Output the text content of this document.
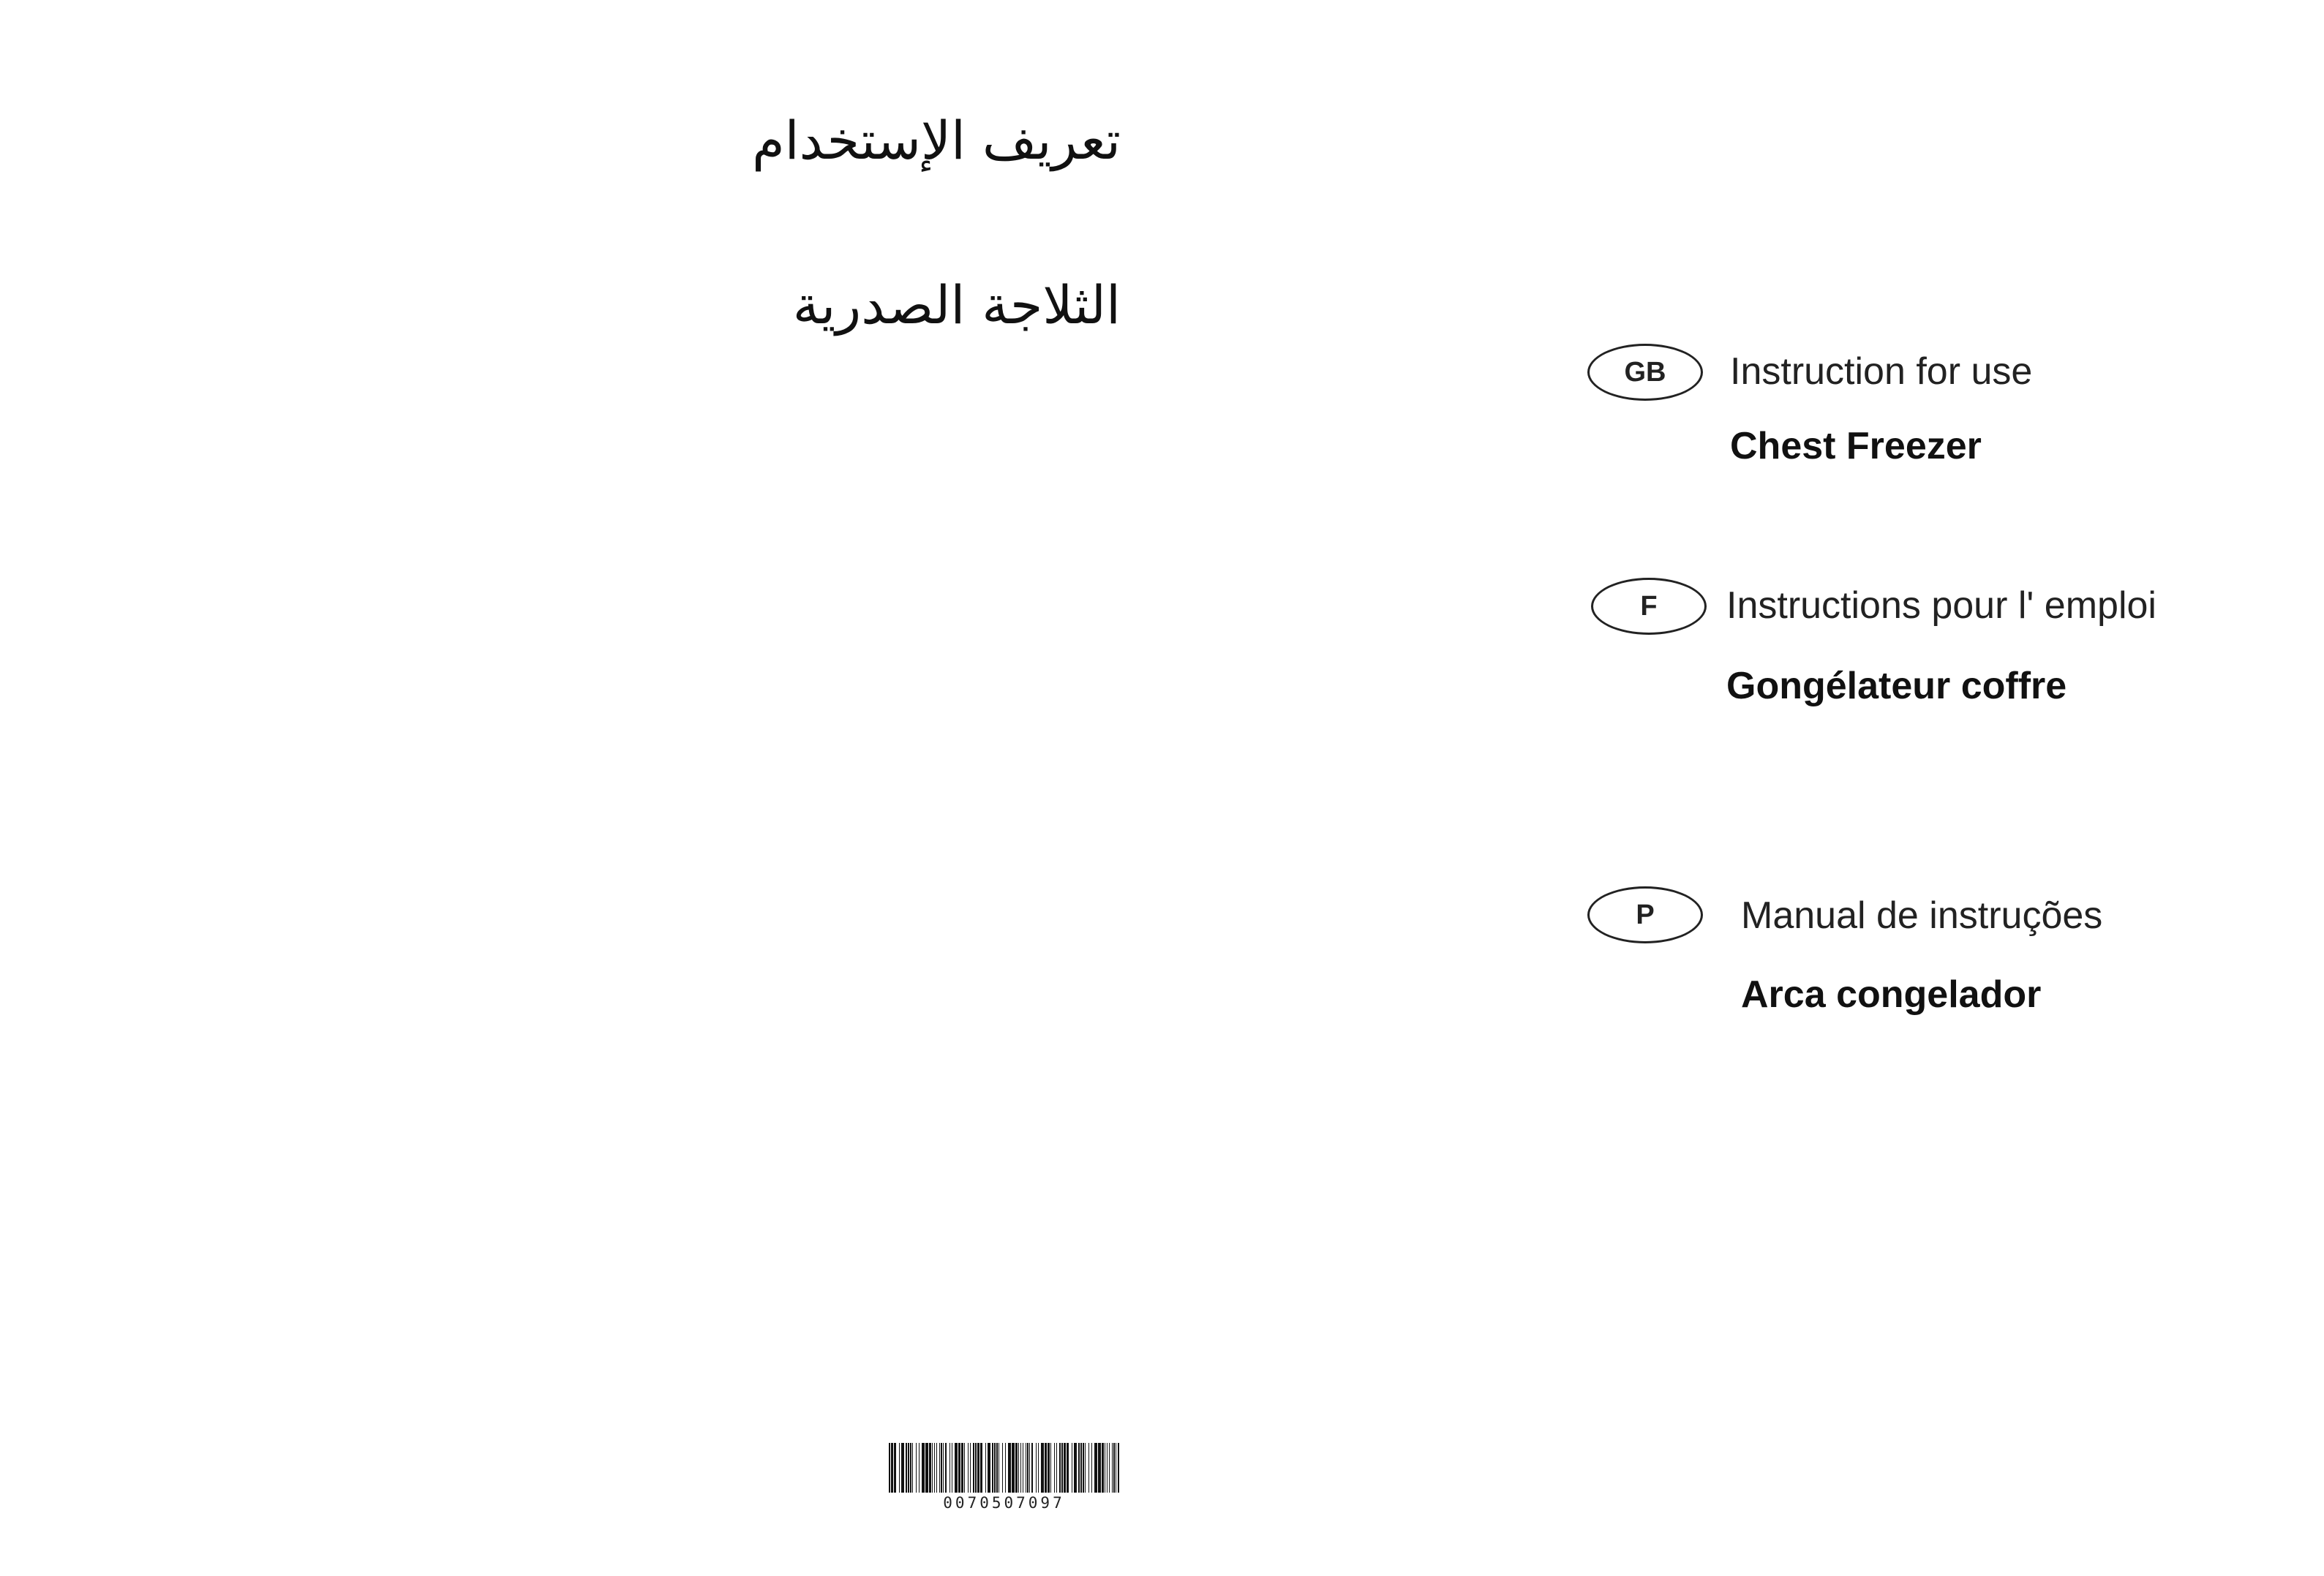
تعريف الإستخدام
الثلاجة الصدرية
GB	Instruction for use
Chest Freezer
F	Instructions pour l' emploi
Gongélateur coffre
P	Manual de instruções
Arca congelador
0070507097
